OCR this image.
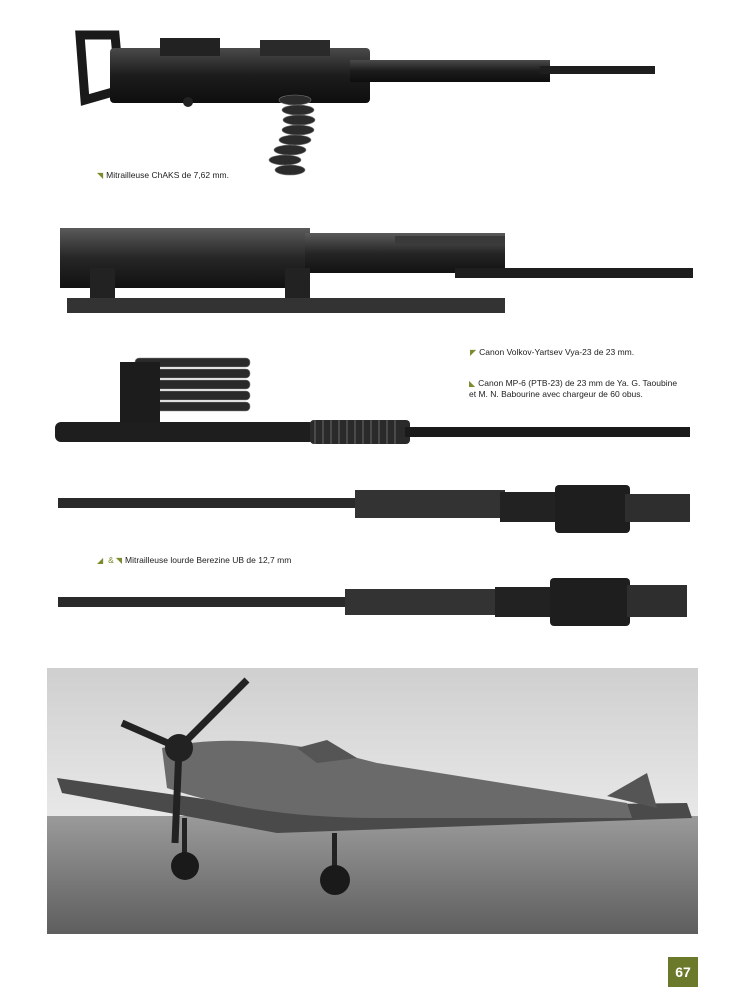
◥ Mitrailleuse ChAKS de 7,62 mm.
◤ Canon Volkov-Yartsev Vya-23 de 23 mm.
◣ Canon MP-6 (PTB-23) de 23 mm de Ya. G. Taoubine
et M. N. Babourine avec chargeur de 60 obus.
◢ & ◥ Mitrailleuse lourde Berezine UB de 12,7 mm
67
